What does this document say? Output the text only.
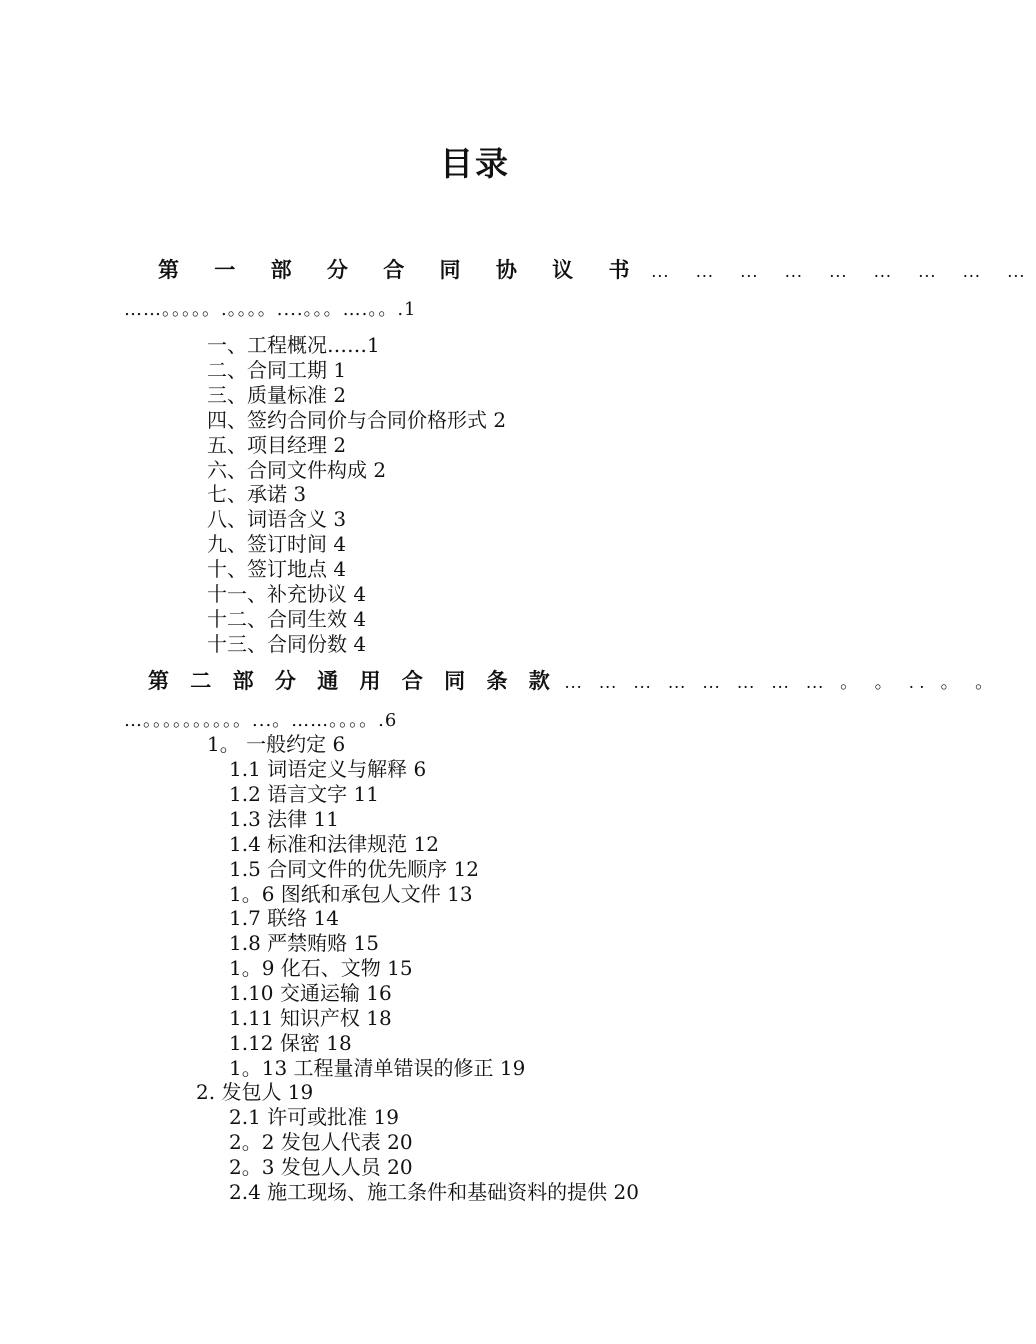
目录
第 一 部 分 合 同 协 议 书 … … … … … … … … …
……。。。。。.。。。。....。。。….。。.1
一、工程概况……1
二、合同工期 1
三、质量标准 2
四、签约合同价与合同价格形式 2
五、项目经理 2
六、合同文件构成 2
七、承诺 3
八、词语含义 3
九、签订时间 4
十、签订地点 4
十一、补充协议 4
十二、合同生效 4
十三、合同份数 4
第 二 部 分 通 用 合 同 条 款 … … … … … … … … 。 。 .. 。 。
…。。。。。。。。。。...。……。。。。.6
1。 一般约定 6
1.1 词语定义与解释 6
1.2 语言文字 11
1.3 法律 11
1.4 标准和法律规范 12
1.5 合同文件的优先顺序 12
1。6 图纸和承包人文件 13
1.7 联络 14
1.8 严禁贿赂 15
1。9 化石、文物 15
1.10 交通运输 16
1.11 知识产权 18
1.12 保密 18
1。13 工程量清单错误的修正 19
2. 发包人 19
2.1 许可或批准 19
2。2 发包人代表 20
2。3 发包人人员 20
2.4 施工现场、施工条件和基础资料的提供 20
